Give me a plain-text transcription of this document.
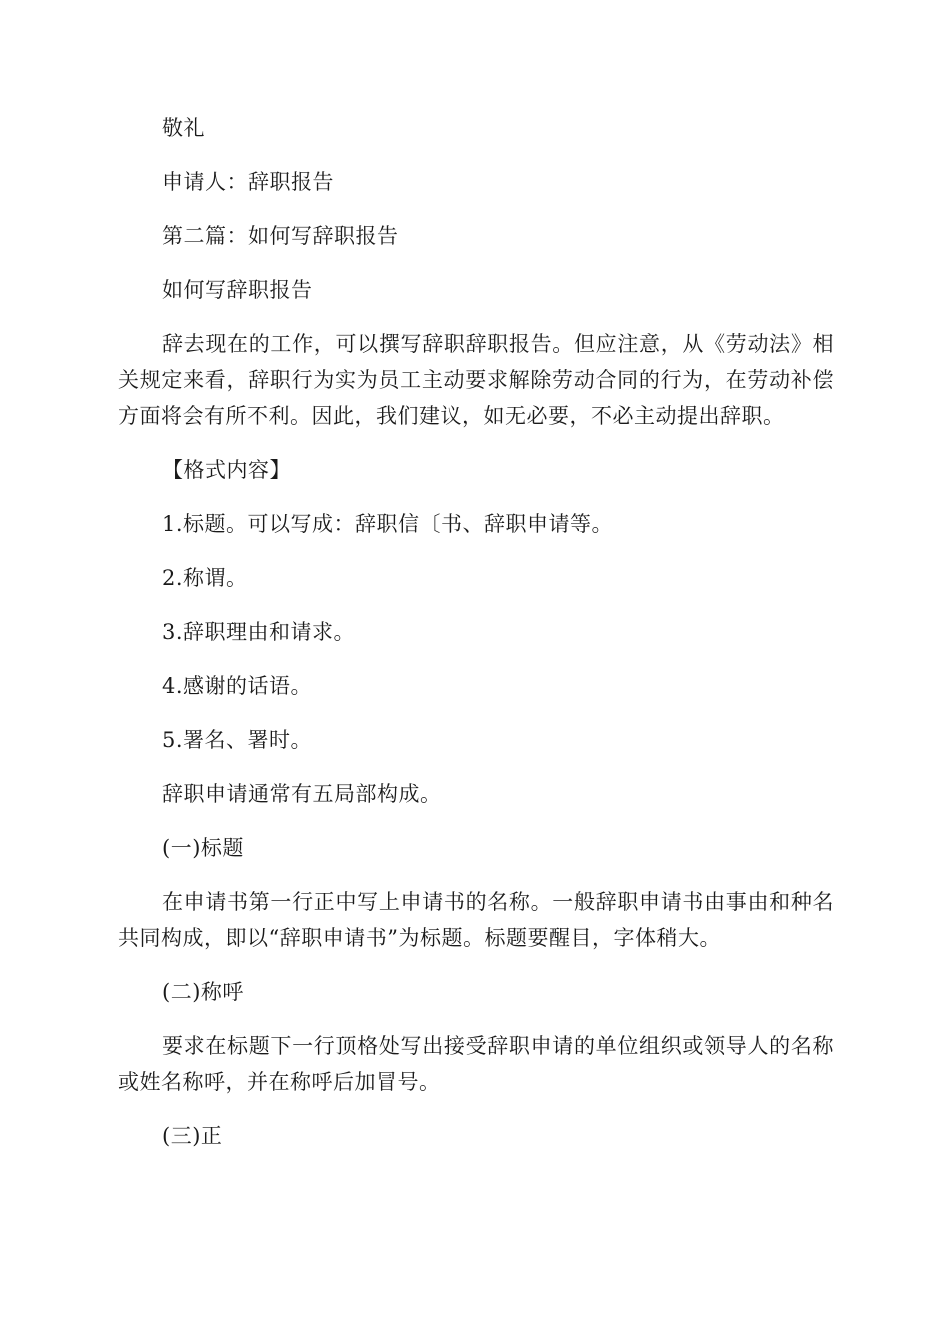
敬礼

申请人：辞职报告

第二篇：如何写辞职报告

如何写辞职报告

辞去现在的工作，可以撰写辞职辞职报告。但应注意，从《劳动法》相关规定来看，辞职行为实为员工主动要求解除劳动合同的行为，在劳动补偿方面将会有所不利。因此，我们建议，如无必要，不必主动提出辞职。

【格式内容】

1.标题。可以写成：辞职信〔书、辞职申请等。

2.称谓。

3.辞职理由和请求。

4.感谢的话语。

5.署名、署时。

辞职申请通常有五局部构成。

(一)标题

在申请书第一行正中写上申请书的名称。一般辞职申请书由事由和种名共同构成，即以“辞职申请书”为标题。标题要醒目，字体稍大。

(二)称呼

要求在标题下一行顶格处写出接受辞职申请的单位组织或领导人的名称或姓名称呼，并在称呼后加冒号。

(三)正
